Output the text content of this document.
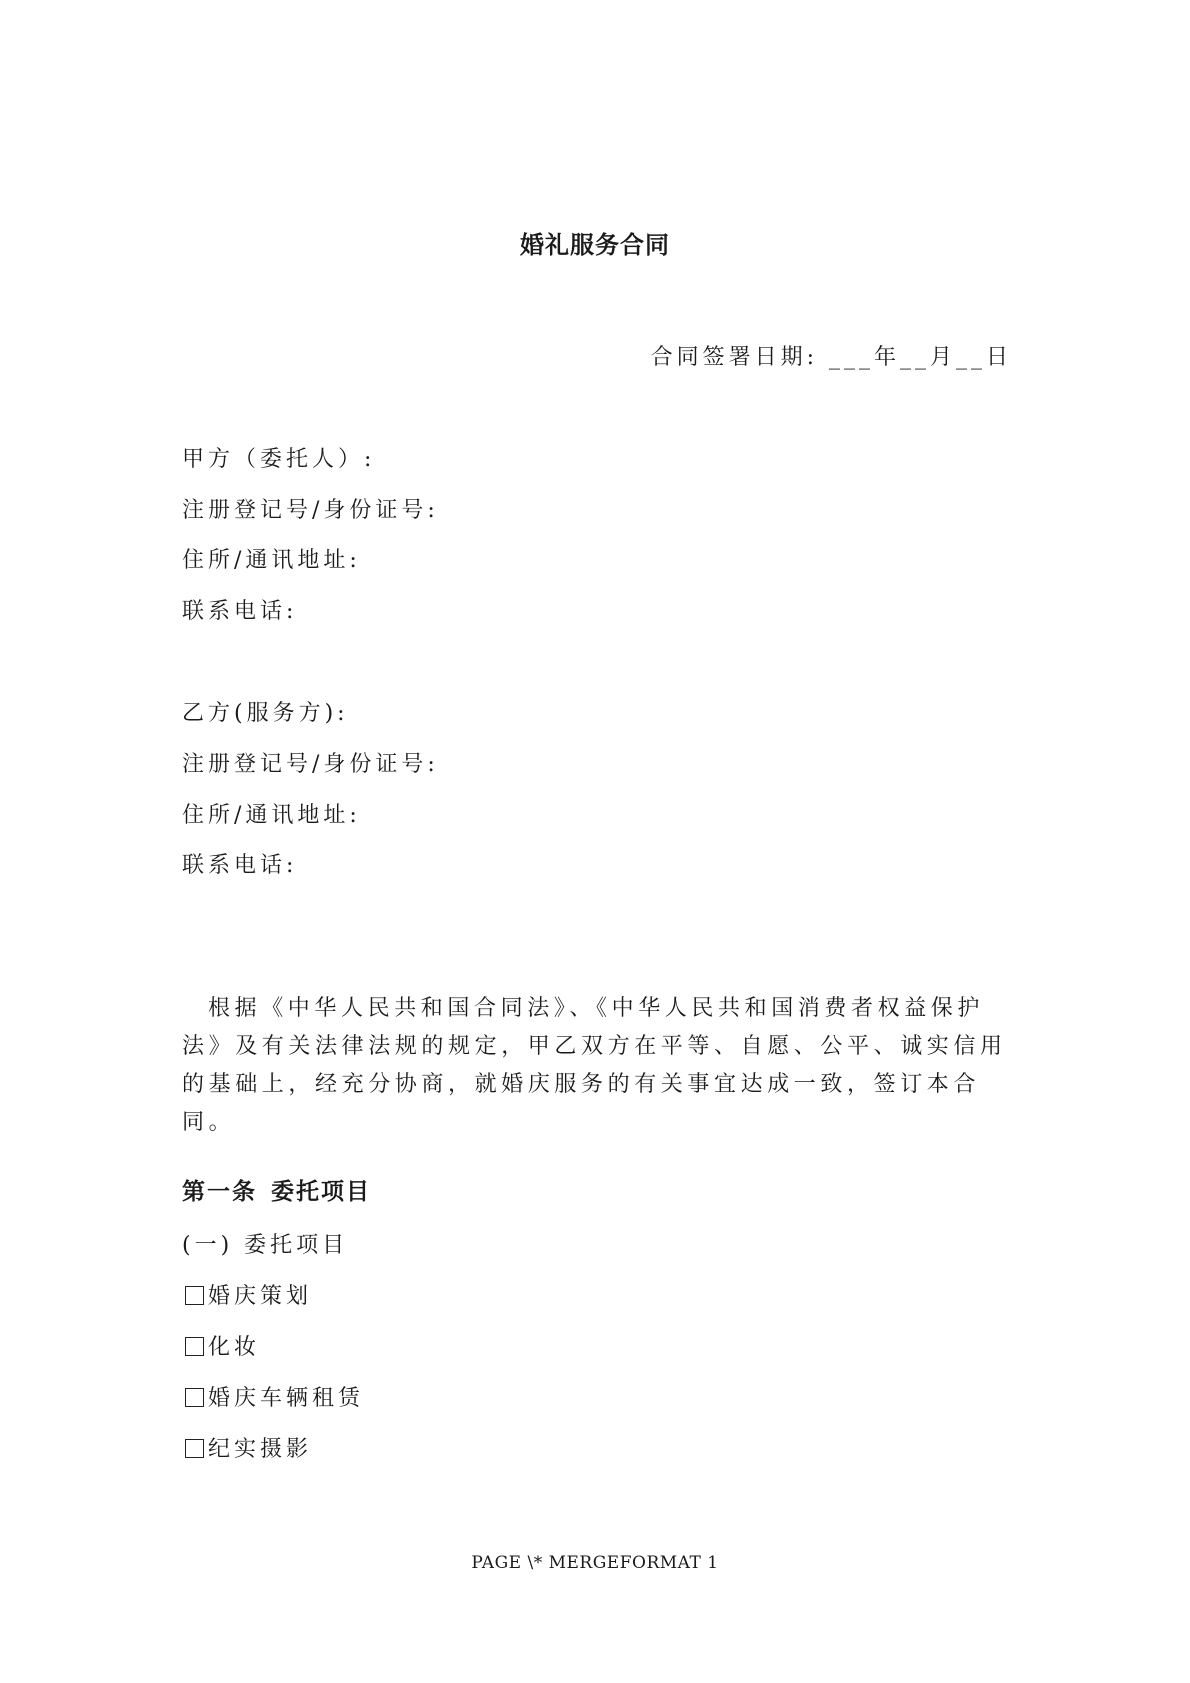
婚礼服务合同
合同签署日期: ___年__月__日
甲方（委托人）:
注册登记号/身份证号:
住所/通讯地址:
联系电话:
乙方(服务方):
注册登记号/身份证号:
住所/通讯地址:
联系电话:
根据《中华人民共和国合同法》、《中华人民共和国消费者权益保护法》及有关法律法规的规定，甲乙双方在平等、自愿、公平、诚实信用的基础上，经充分协商，就婚庆服务的有关事宜达成一致，签订本合同。
第一条 委托项目
(一) 委托项目
婚庆策划
化妆
婚庆车辆租赁
纪实摄影
PAGE \* MERGEFORMAT 1
